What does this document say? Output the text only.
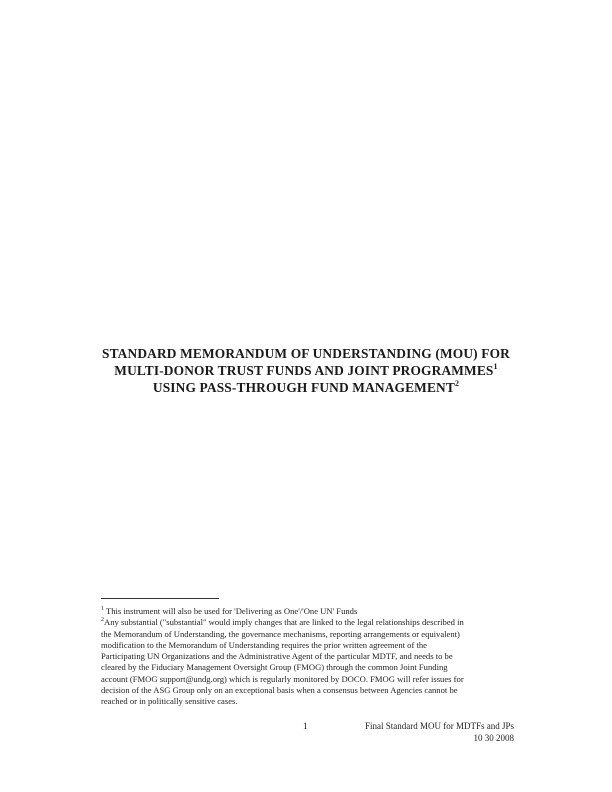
STANDARD MEMORANDUM OF UNDERSTANDING (MOU) FOR
MULTI-DONOR TRUST FUNDS AND JOINT PROGRAMMES$^1$
USING PASS-THROUGH FUND MANAGEMENT$^2$

$^1$ This instrument will also be used for 'Delivering as One'/'One UN' Funds

$^2$Any substantial ("substantial" would imply changes that are linked to the legal relationships described in
the Memorandum of Understanding, the governance mechanisms, reporting arrangements or equivalent)
modification to the Memorandum of Understanding requires the prior written agreement of the
Participating UN Organizations and the Administrative Agent of the particular MDTF, and needs to be
cleared by the Fiduciary Management Oversight Group (FMOG) through the common Joint Funding
account (FMOG support@undg.org) which is regularly monitored by DOCO. FMOG will refer issues for
decision of the ASG Group only on an exceptional basis when a consensus between Agencies cannot be
reached or in politically sensitive cases.

1	Final Standard MOU for MDTFs and JPs
10 30 2008
